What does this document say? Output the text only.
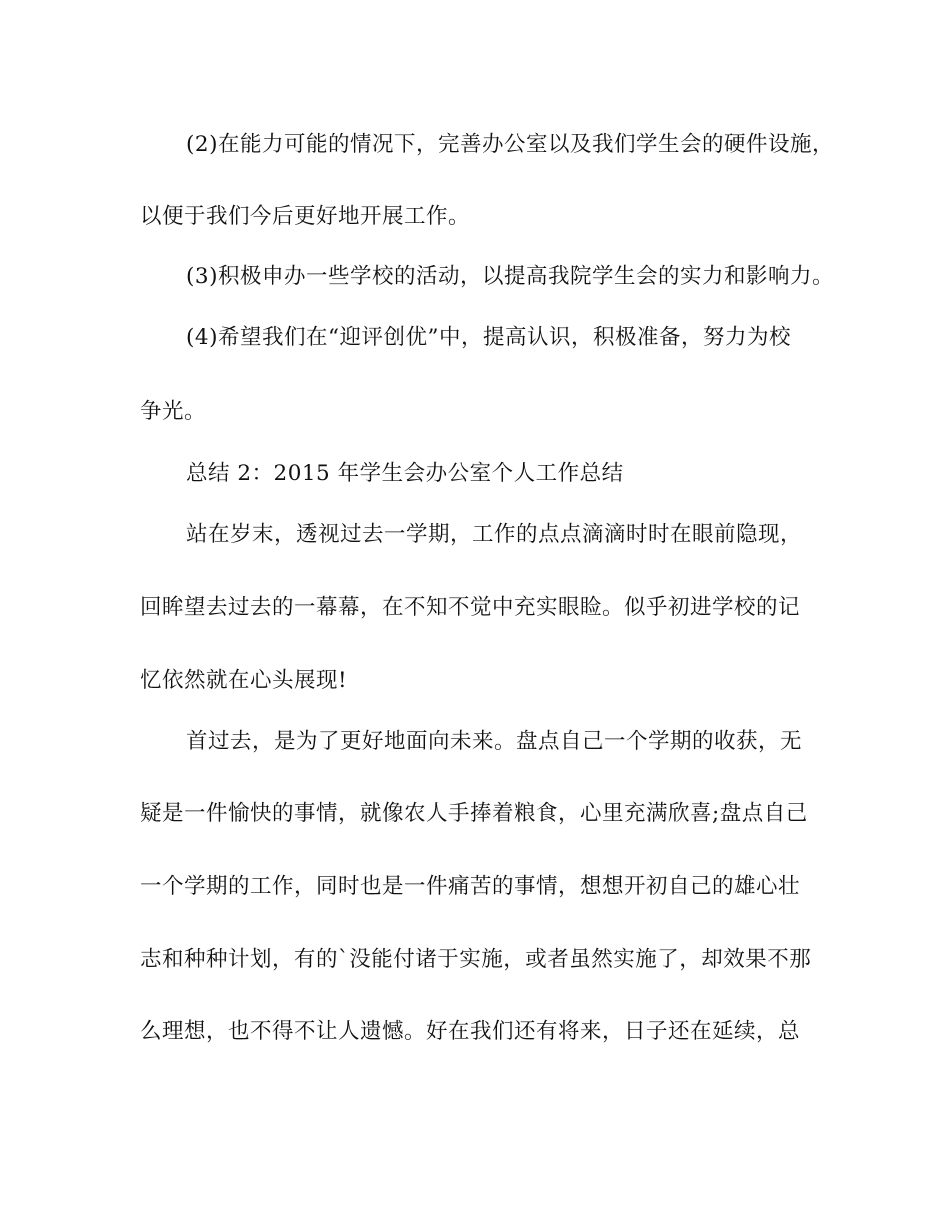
(2)在能力可能的情况下，完善办公室以及我们学生会的硬件设施，
以便于我们今后更好地开展工作。
(3)积极申办一些学校的活动，以提高我院学生会的实力和影响力。
(4)希望我们在“迎评创优”中，提高认识，积极准备，努力为校
争光。
总结 2：2015 年学生会办公室个人工作总结
站在岁末，透视过去一学期，工作的点点滴滴时时在眼前隐现，
回眸望去过去的一幕幕，在不知不觉中充实眼睑。似乎初进学校的记
忆依然就在心头展现!
首过去，是为了更好地面向未来。盘点自己一个学期的收获，无
疑是一件愉快的事情，就像农人手捧着粮食，心里充满欣喜;盘点自己
一个学期的工作，同时也是一件痛苦的事情，想想开初自己的雄心壮
志和种种计划，有的`没能付诸于实施，或者虽然实施了，却效果不那
么理想，也不得不让人遗憾。好在我们还有将来，日子还在延续，总
